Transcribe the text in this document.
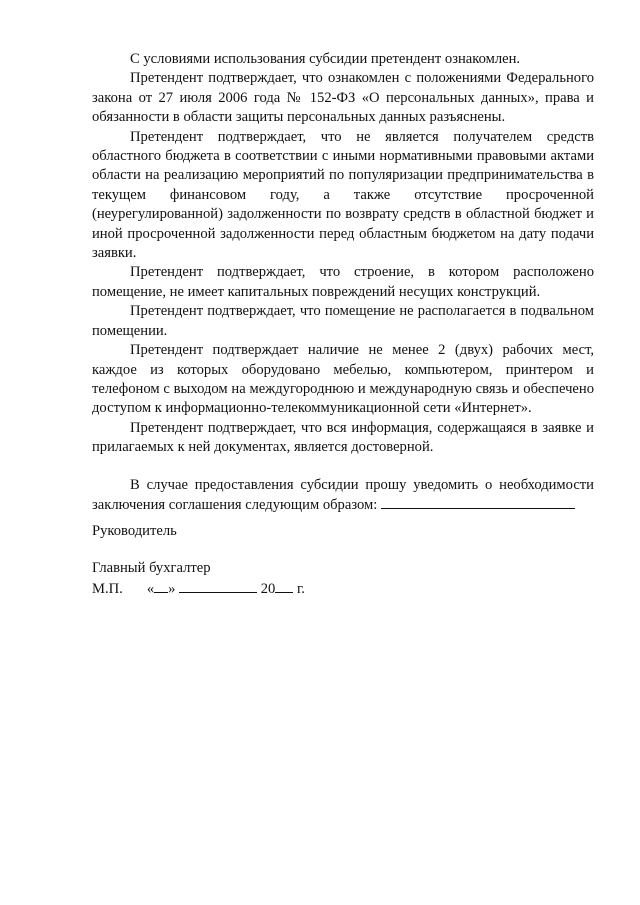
С условиями использования субсидии претендент ознакомлен.

Претендент подтверждает, что ознакомлен с положениями Федерального закона от 27 июля 2006 года № 152-ФЗ «О персональных данных», права и обязанности в области защиты персональных данных разъяснены.

Претендент подтверждает, что не является получателем средств областного бюджета в соответствии с иными нормативными правовыми актами области на реализацию мероприятий по популяризации предпринимательства в текущем финансовом году, а также отсутствие просроченной (неурегулированной) задолженности по возврату средств в областной бюджет и иной просроченной задолженности перед областным бюджетом на дату подачи заявки.

Претендент подтверждает, что строение, в котором расположено помещение, не имеет капитальных повреждений несущих конструкций.

Претендент подтверждает, что помещение не располагается в подвальном помещении.

Претендент подтверждает наличие не менее 2 (двух) рабочих мест, каждое из которых оборудовано мебелью, компьютером, принтером и телефоном с выходом на междугороднюю и международную связь и обеспечено доступом к информационно-телекоммуникационной сети «Интернет».

Претендент подтверждает, что вся информация, содержащаяся в заявке и прилагаемых к ней документах, является достоверной.

В случае предоставления субсидии прошу уведомить о необходимости заключения соглашения следующим образом:

Руководитель
Главный бухгалтер
М.П. « »	20 г.
